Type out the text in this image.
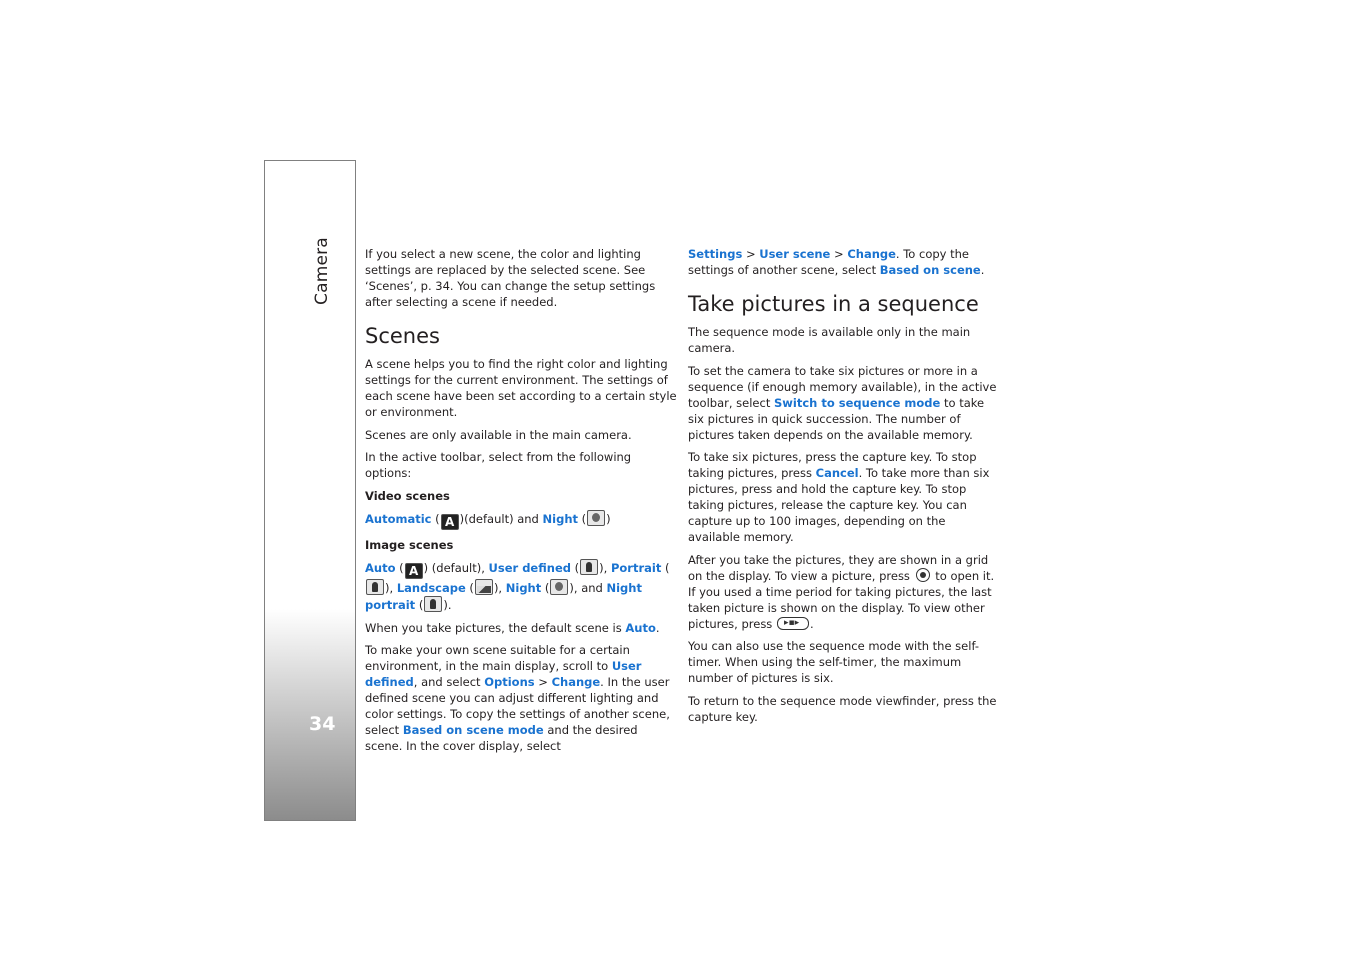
Camera
34

If you select a new scene, the color and lighting settings are replaced by the selected scene. See ‘Scenes’, p. 34. You can change the setup settings after selecting a scene if needed.

Scenes

A scene helps you to find the right color and lighting settings for the current environment. The settings of each scene have been set according to a certain style or environment.

Scenes are only available in the main camera.

In the active toolbar, select from the following options:

Video scenes

Automatic ( A )(default) and Night ( )

Image scenes

Auto ( A ) (default), User defined ( ), Portrait (), Landscape ( ), Night ( ), and Night portrait ( ).

When you take pictures, the default scene is Auto.

To make your own scene suitable for a certain environment, in the main display, scroll to User defined, and select Options > Change. In the user defined scene you can adjust different lighting and color settings. To copy the settings of another scene, select Based on scene mode and the desired scene. In the cover display, select

Settings > User scene > Change. To copy the settings of another scene, select Based on scene.

Take pictures in a sequence

The sequence mode is available only in the main camera.

To set the camera to take six pictures or more in a sequence (if enough memory available), in the active toolbar, select Switch to sequence mode to take six pictures in quick succession. The number of pictures taken depends on the available memory.

To take six pictures, press the capture key. To stop taking pictures, press Cancel. To take more than six pictures, press and hold the capture key. To stop taking pictures, release the capture key. You can capture up to 100 images, depending on the available memory.

After you take the pictures, they are shown in a grid on the display. To view a picture, press  to open it. If you used a time period for taking pictures, the last taken picture is shown on the display. To view other pictures, press ▸▪▸	.

You can also use the sequence mode with the self-timer. When using the self-timer, the maximum number of pictures is six.

To return to the sequence mode viewfinder, press the capture key.
